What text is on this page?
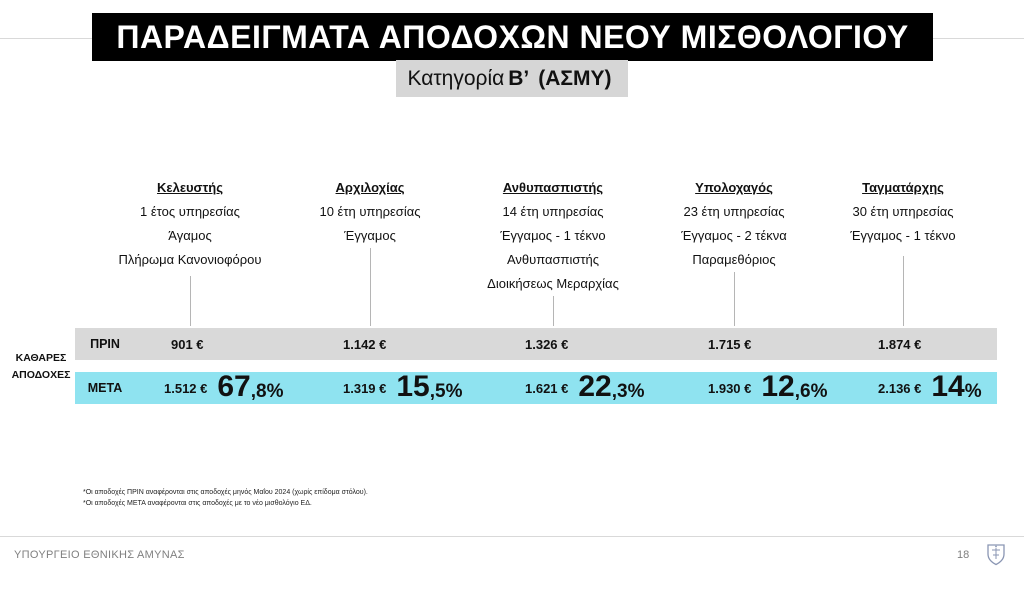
ΠΑΡΑΔΕΙΓΜΑΤΑ ΑΠΟΔΟΧΩΝ ΝΕΟΥ ΜΙΣΘΟΛΟΓΙΟΥ
Κατηγορία Β’ (ΑΣΜΥ)
Κελευστής
1 έτος υπηρεσίας
Άγαμος
Πλήρωμα Κανονιοφόρου
Αρχιλοχίας
10 έτη υπηρεσίας
Έγγαμος
Ανθυπασπιστής
14 έτη υπηρεσίας
Έγγαμος - 1 τέκνο
Ανθυπασπιστής
Διοικήσεως Μεραρχίας
Υπολοχαγός
23 έτη υπηρεσίας
Έγγαμος - 2 τέκνα
Παραμεθόριος
Ταγματάρχης
30 έτη υπηρεσίας
Έγγαμος - 1 τέκνο
ΚΑΘΑΡΕΣ
ΑΠΟΔΟΧΕΣ
ΠΡΙΝ	901 €	1.142 €	1.326 €	1.715 €	1.874 €
ΜΕΤΑ	1.512 € 67 ,8%	1.319 € 15 ,5%	1.621 € 22 ,3%	1.930 € 12 ,6%	2.136 € 14 %
*Οι αποδοχές ΠΡΙΝ αναφέρονται στις αποδοχές μηνός Μαΐου 2024 (χωρίς επίδομα στόλου).
*Οι αποδοχές ΜΕΤΑ αναφέρονται στις αποδοχές με το νέο μισθολόγιο ΕΔ.
ΥΠΟΥΡΓΕΙΟ ΕΘΝΙΚΗΣ ΑΜΥΝΑΣ	18
